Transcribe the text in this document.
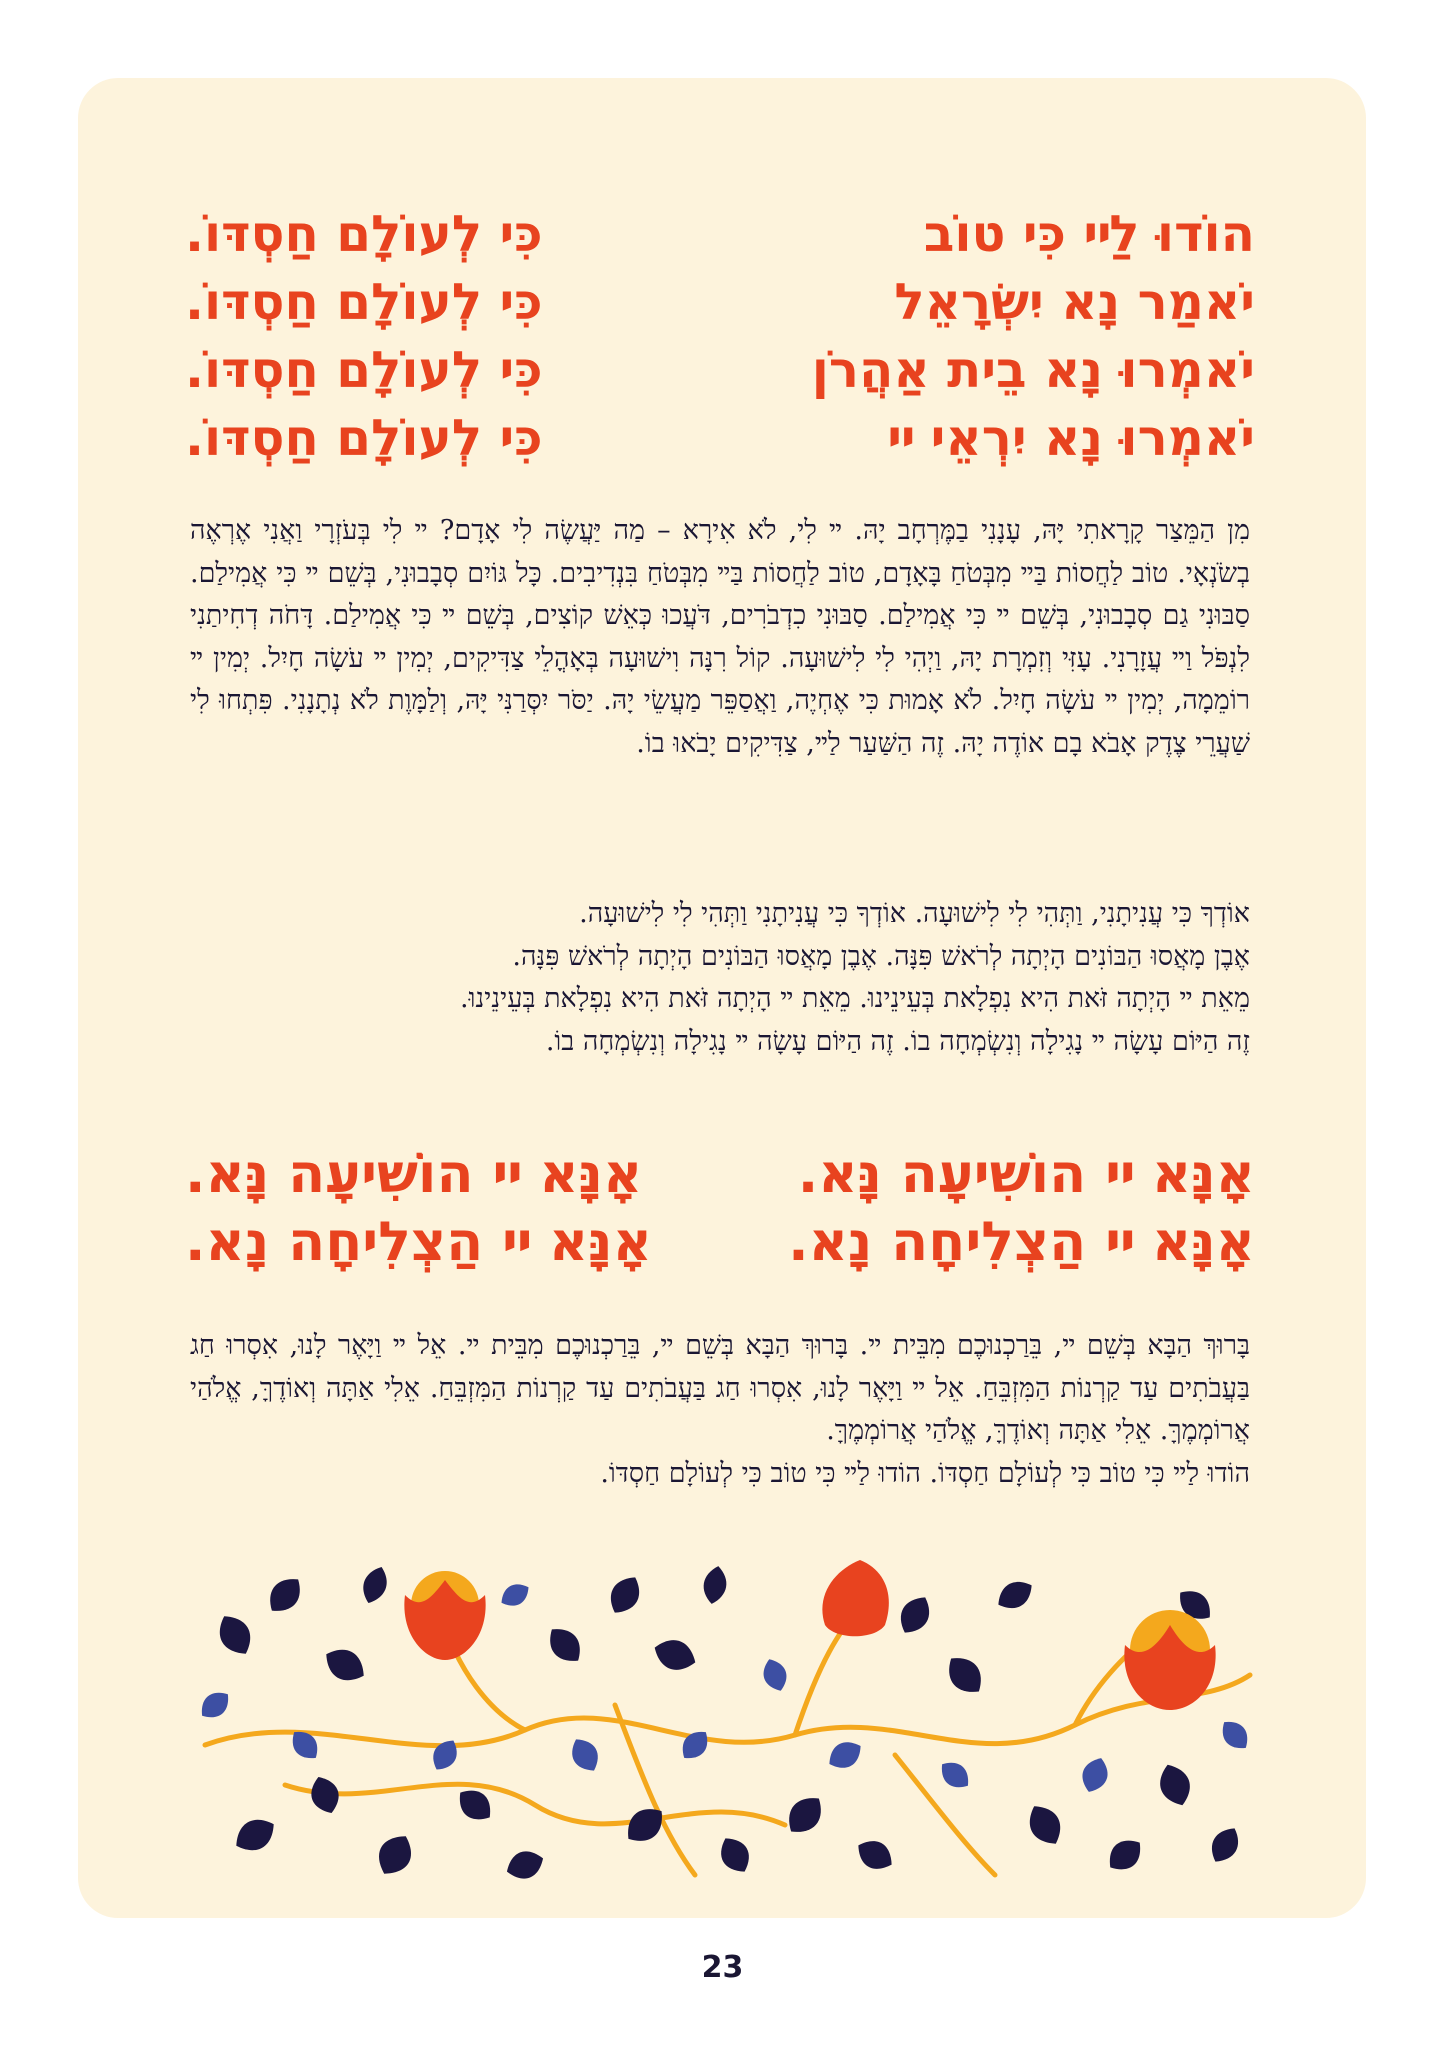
הוֹדוּ לַײ כִּי טוֹב
כִּי לְעוֹלָם חַסְדּוֹ.
יֹאמַר נָא יִשְׂרָאֵל
כִּי לְעוֹלָם חַסְדּוֹ.
יֹאמְרוּ נָא בֵית אַהֲרֹן
כִּי לְעוֹלָם חַסְדּוֹ.
יֹאמְרוּ נָא יִרְאֵי ײ
כִּי לְעוֹלָם חַסְדּוֹ.
מִן הַמֵּצַר קָרָאתִי יָּהּ, עָנָנִי בַמֶּרְחָב יָהּ. ײ לִי, לֹא אִירָא – מַה יַּעֲשֶׂה לִי אָדָם? ײ לִי בְּעֹזְרָי וַאֲנִי אֶרְאֶה בְשֹׂנְאָי. טוֹב לַחֲסוֹת בַּײ מִבְּטֹחַ בָּאָדָם, טוֹב לַחֲסוֹת בַּײ מִבְּטֹחַ בִּנְדִיבִים. כָּל גּוֹיִם סְבָבוּנִי, בְּשֵׁם ײ כִּי אֲמִילַם. סַבּוּנִי גַם סְבָבוּנִי, בְּשֵׁם ײ כִּי אֲמִילַם. סַבּוּנִי כִדְבֹרִים, דֹּעֲכוּ כְּאֵשׁ קוֹצִים, בְּשֵׁם ײ כִּי אֲמִילַם. דָּחֹה דְחִיתַנִי לִנְפֹּל וַײ עֲזָרָנִי. עָזִּי וְזִמְרָת יָהּ, וַיְהִי לִי לִישׁוּעָה. קוֹל רִנָּה וִישׁוּעָה בְּאָהֳלֵי צַדִּיקִים, יְמִין ײ עֹשָׂה חָיִל. יְמִין ײ רוֹמֵמָה, יְמִין ײ עֹשָׂה חָיִל. לֹא אָמוּת כִּי אֶחְיֶה, וַאֲסַפֵּר מַעֲשֵׂי יָהּ. יַסֹּר יִסְּרַנִּי יָּהּ, וְלַמָּוֶת לֹא נְתָנָנִי. פִּתְחוּ לִי שַׁעֲרֵי צֶדֶק אָבֹא בָם אוֹדֶה יָהּ. זֶה הַשַּׁעַר לַײ, צַדִּיקִים יָבֹאוּ בוֹ.
אוֹדְךָ כִּי עֲנִיתָנִי, וַתְּהִי לִי לִישׁוּעָה. אוֹדְךָ כִּי עֲנִיתָנִי וַתְּהִי לִי לִישׁוּעָה.
אֶבֶן מָאֲסוּ הַבּוֹנִים הָיְתָה לְרֹאשׁ פִּנָּה. אֶבֶן מָאֲסוּ הַבּוֹנִים הָיְתָה לְרֹאשׁ פִּנָּה.
מֵאֵת ײ הָיְתָה זֹּאת הִיא נִפְלָאת בְּעֵינֵינוּ. מֵאֵת ײ הָיְתָה זֹּאת הִיא נִפְלָאת בְּעֵינֵינוּ.
זֶה הַיּוֹם עָשָׂה ײ נָגִילָה וְנִשְׂמְחָה בוֹ. זֶה הַיּוֹם עָשָׂה ײ נָגִילָה וְנִשְׂמְחָה בוֹ.
אָנָּא ײ הוֹשִׁיעָה נָּא.
אָנָּא ײ הוֹשִׁיעָה נָּא.
אָנָּא ײ הַצְלִיחָה נָא.
אָנָּא ײ הַצְלִיחָה נָא.
בָּרוּךְ הַבָּא בְּשֵׁם ײ, בֵּרַכְנוּכֶם מִבֵּית ײ. בָּרוּךְ הַבָּא בְּשֵׁם ײ, בֵּרַכְנוּכֶם מִבֵּית ײ. אֵל ײ וַיָּאֶר לָנוּ, אִסְרוּ חַג בַּעֲבֹתִים עַד קַרְנוֹת הַמִּזְבֵּחַ. אֵל ײ וַיָּאֶר לָנוּ, אִסְרוּ חַג בַּעֲבֹתִים עַד קַרְנוֹת הַמִּזְבֵּחַ. אֵלִי אַתָּה וְאוֹדֶךָּ, אֱלֹהַי אֲרוֹמְמֶךָּ. אֵלִי אַתָּה וְאוֹדֶךָּ, אֱלֹהַי אֲרוֹמְמֶךָּ.
הוֹדוּ לַײ כִּי טוֹב כִּי לְעוֹלָם חַסְדּוֹ. הוֹדוּ לַײ כִּי טוֹב כִּי לְעוֹלָם חַסְדּוֹ.
23
